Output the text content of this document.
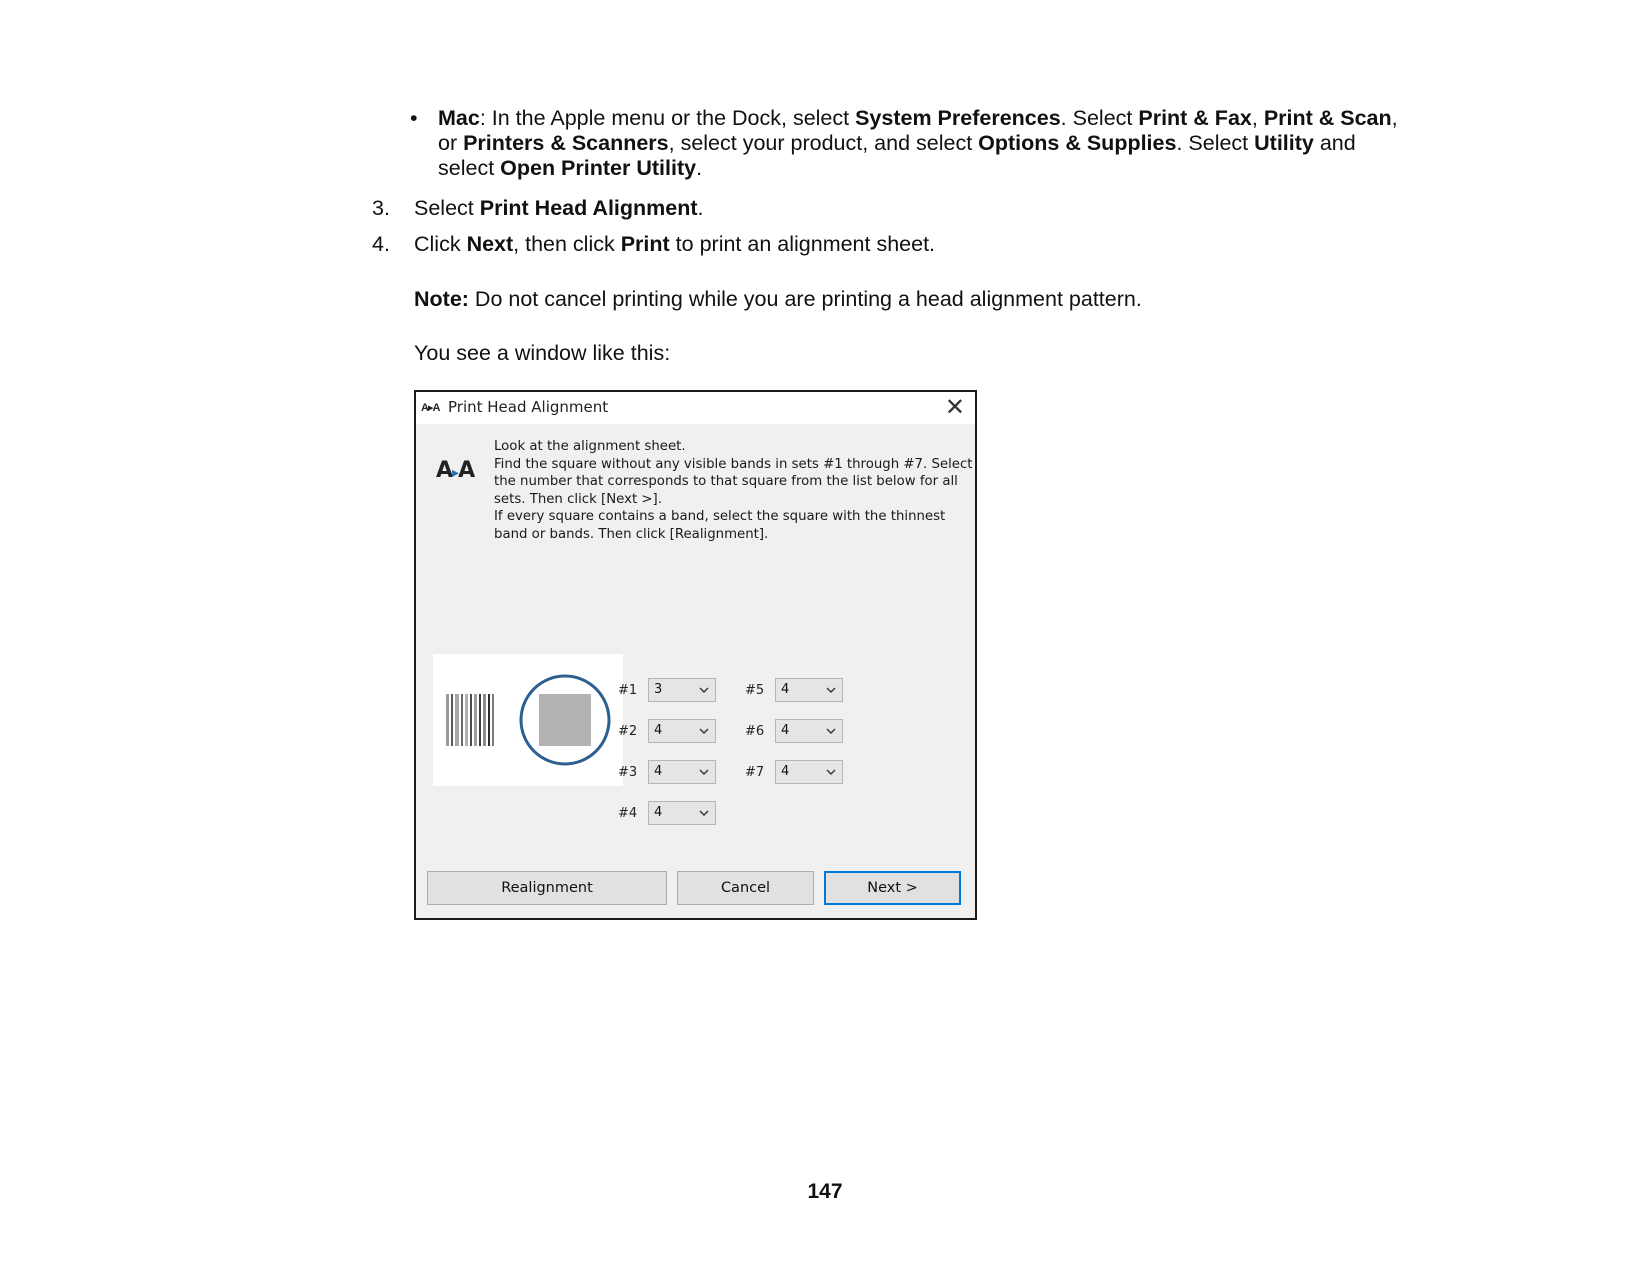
• Mac: In the Apple menu or the Dock, select System Preferences. Select Print & Fax, Print & Scan, or Printers & Scanners, select your product, and select Options & Supplies. Select Utility and select Open Printer Utility.
3. Select Print Head Alignment.
4. Click Next, then click Print to print an alignment sheet.
Note: Do not cancel printing while you are printing a head alignment pattern.
You see a window like this:
A▸A Print Head Alignment	✕
A▸A
Look at the alignment sheet.
Find the square without any visible bands in sets #1 through #7. Select
the number that corresponds to that square from the list below for all
sets. Then click [Next >].
If every square contains a band, select the square with the thinnest
band or bands. Then click [Realignment].
#1 3
#2 4
#3 4
#4 4
#5 4
#6 4
#7 4
Realignment	Cancel	Next >
147
